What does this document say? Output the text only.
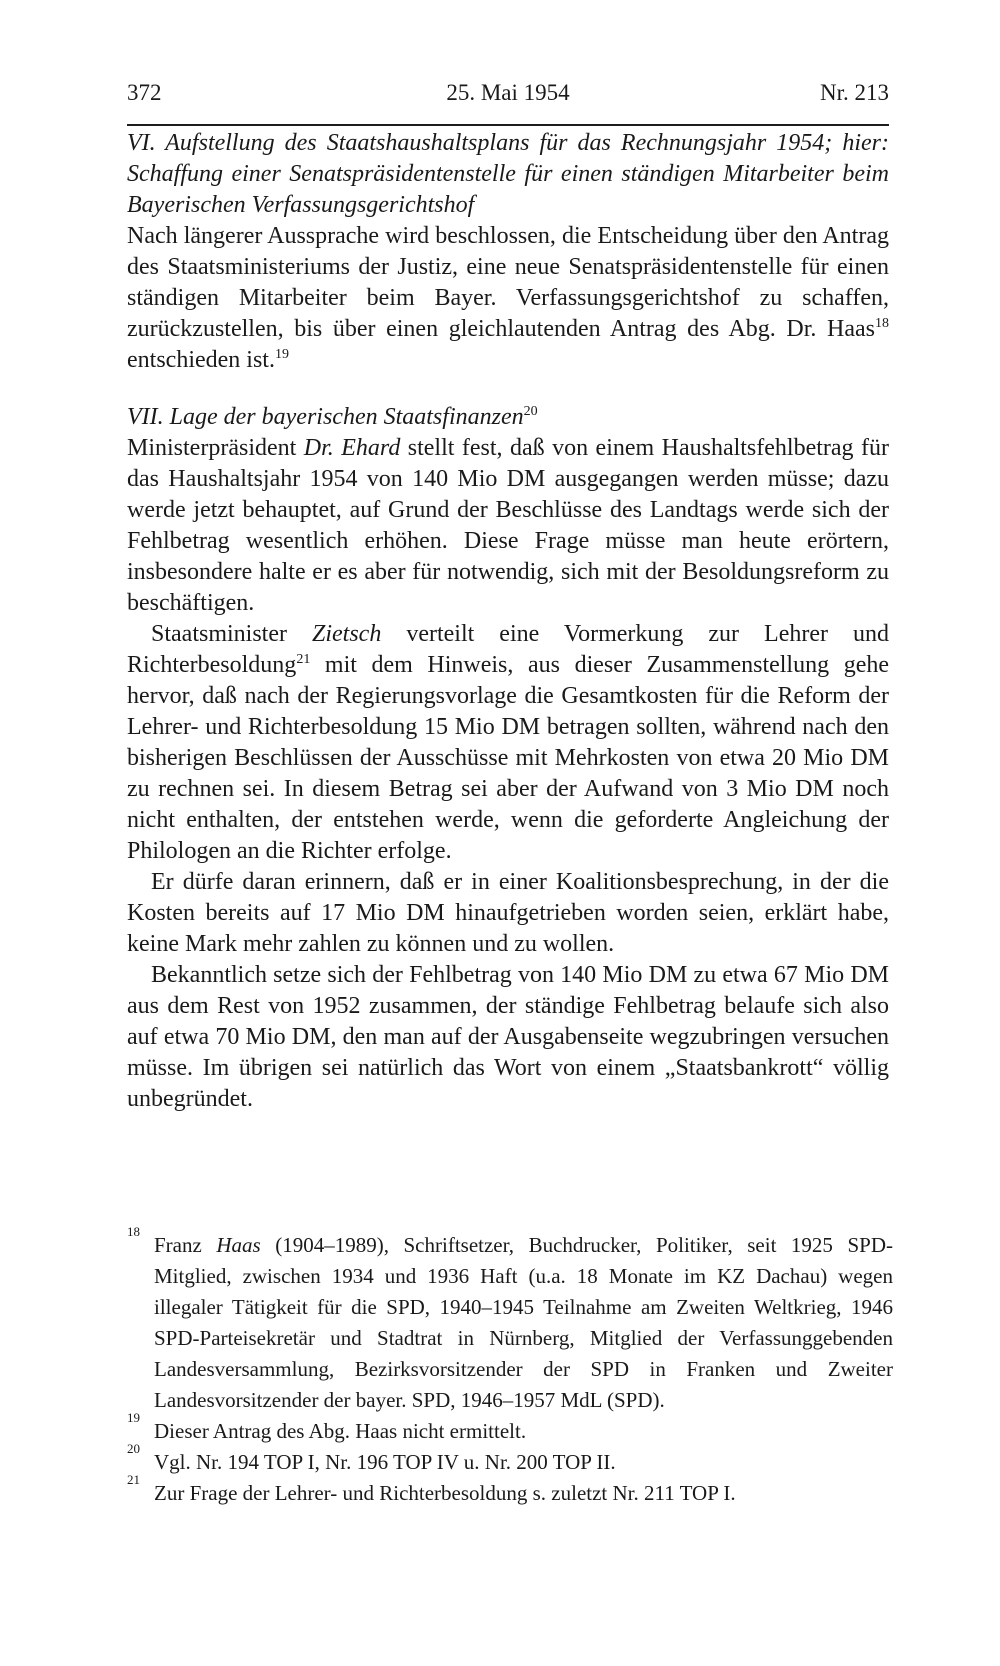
372	25. Mai 1954	Nr. 213

VI. Aufstellung des Staatshaushaltsplans für das Rechnungsjahr 1954; hier: Schaffung einer Senatspräsidentenstelle für einen ständigen Mitarbeiter beim Bayerischen Verfassungsgerichtshof

Nach längerer Aussprache wird beschlossen, die Entscheidung über den Antrag des Staatsministeriums der Justiz, eine neue Senatspräsidentenstelle für einen ständigen Mitarbeiter beim Bayer. Verfassungsgerichtshof zu schaffen, zurückzustellen, bis über einen gleichlautenden Antrag des Abg. Dr. Haas$^{18}$ entschieden ist.$^{19}$

VII. Lage der bayerischen Staatsfinanzen$^{20}$

Ministerpräsident Dr. Ehard stellt fest, daß von einem Haushaltsfehlbetrag für das Haushaltsjahr 1954 von 140 Mio DM ausgegangen werden müsse; dazu werde jetzt behauptet, auf Grund der Beschlüsse des Landtags werde sich der Fehlbetrag wesentlich erhöhen. Diese Frage müsse man heute erörtern, insbesondere halte er es aber für notwendig, sich mit der Besoldungsreform zu beschäftigen.

Staatsminister Zietsch verteilt eine Vormerkung zur Lehrer und Richterbesoldung$^{21}$ mit dem Hinweis, aus dieser Zusammenstellung gehe hervor, daß nach der Regierungsvorlage die Gesamtkosten für die Reform der Lehrer- und Richterbesoldung 15 Mio DM betragen sollten, während nach den bisherigen Beschlüssen der Ausschüsse mit Mehrkosten von etwa 20 Mio DM zu rechnen sei. In diesem Betrag sei aber der Aufwand von 3 Mio DM noch nicht enthalten, der entstehen werde, wenn die geforderte Angleichung der Philologen an die Richter erfolge.

Er dürfe daran erinnern, daß er in einer Koalitionsbesprechung, in der die Kosten bereits auf 17 Mio DM hinaufgetrieben worden seien, erklärt habe, keine Mark mehr zahlen zu können und zu wollen.

Bekanntlich setze sich der Fehlbetrag von 140 Mio DM zu etwa 67 Mio DM aus dem Rest von 1952 zusammen, der ständige Fehlbetrag belaufe sich also auf etwa 70 Mio DM, den man auf der Ausgabenseite wegzubringen versuchen müsse. Im übrigen sei natürlich das Wort von einem „Staatsbankrott“ völlig unbegründet.

18
Franz Haas (1904–1989), Schriftsetzer, Buchdrucker, Politiker, seit 1925 SPD-Mitglied, zwischen 1934 und 1936 Haft (u.a. 18 Monate im KZ Dachau) wegen illegaler Tätigkeit für die SPD, 1940–1945 Teilnahme am Zweiten Weltkrieg, 1946 SPD-Parteisekretär und Stadtrat in Nürnberg, Mitglied der Verfassunggebenden Landesversammlung, Bezirksvorsitzender der SPD in Franken und Zweiter Landesvorsitzender der bayer. SPD, 1946–1957 MdL (SPD).

19
Dieser Antrag des Abg. Haas nicht ermittelt.

20
Vgl. Nr. 194 TOP I, Nr. 196 TOP IV u. Nr. 200 TOP II.

21
Zur Frage der Lehrer- und Richterbesoldung s. zuletzt Nr. 211 TOP I.
